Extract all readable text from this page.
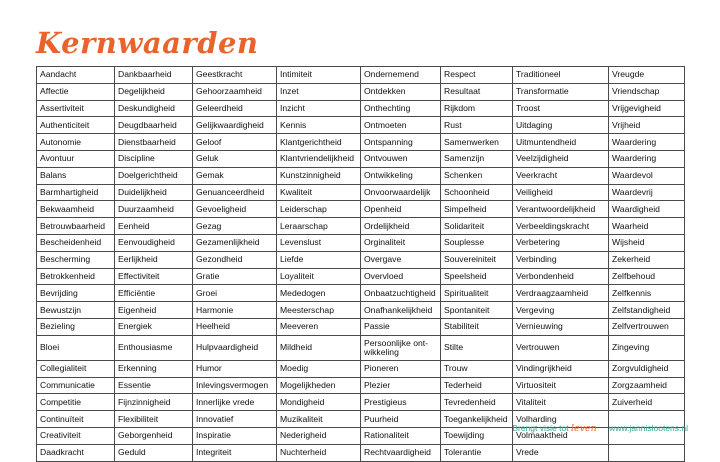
Kernwaarden
Aandacht	Dankbaarheid	Geestkracht	Intimiteit	Ondernemend	Respect	Traditioneel	Vreugde
Affectie	Degelijkheid	Gehoorzaamheid	Inzet	Ontdekken	Resultaat	Transformatie	Vriendschap
Assertiviteit	Deskundigheid	Geleerdheid	Inzicht	Onthechting	Rijkdom	Troost	Vrijgevigheid
Authenticiteit	Deugdbaarheid	Gelijkwaardigheid	Kennis	Ontmoeten	Rust	Uitdaging	Vrijheid
Autonomie	Dienstbaarheid	Geloof	Klantgerichtheid	Ontspanning	Samenwerken	Uitmuntendheid	Waardering
Avontuur	Discipline	Geluk	Klantvriendelijkheid	Ontvouwen	Samenzijn	Veelzijdigheid	Waardering
Balans	Doelgerichtheid	Gemak	Kunstzinnigheid	Ontwikkeling	Schenken	Veerkracht	Waardevol
Barmhartigheid	Duidelijkheid	Genuanceerdheid	Kwaliteit	Onvoorwaardelijk	Schoonheid	Veiligheid	Waardevrij
Bekwaamheid	Duurzaamheid	Gevoeligheid	Leiderschap	Openheid	Simpelheid	Verantwoordelijkheid	Waardigheid
Betrouwbaarheid	Eenheid	Gezag	Leraarschap	Ordelijkheid	Solidariteit	Verbeeldingskracht	Waarheid
Bescheidenheid	Eenvoudigheid	Gezamenlijkheid	Levenslust	Orginaliteit	Souplesse	Verbetering	Wijsheid
Bescherming	Eerlijkheid	Gezondheid	Liefde	Overgave	Souvereiniteit	Verbinding	Zekerheid
Betrokkenheid	Effectiviteit	Gratie	Loyaliteit	Overvloed	Speelsheid	Verbondenheid	Zelfbehoud
Bevrijding	Efficiëntie	Groei	Mededogen	Onbaatzuchtigheid	Spiritualiteit	Verdraagzaamheid	Zelfkennis
Bewustzijn	Eigenheid	Harmonie	Meesterschap	Onafhankelijkheid	Spontaniteit	Vergeving	Zelfstandigheid
Bezieling	Energiek	Heelheid	Meeveren	Passie	Stabiliteit	Vernieuwing	Zelfvertrouwen
Bloei	Enthousiasme	Hulpvaardigheid	Mildheid	Persoonlijke ont-wikkeling	Stilte	Vertrouwen	Zingeving
Collegialiteit	Erkenning	Humor	Moedig	Pioneren	Trouw	Vindingrijkheid	Zorgvuldigheid
Communicatie	Essentie	Inlevingsvermogen	Mogelijkheden	Plezier	Tederheid	Virtuositeit	Zorgzaamheid
Competitie	Fijnzinnigheid	Innerlijke vrede	Mondigheid	Prestigieus	Tevredenheid	Vitaliteit	Zuiverheid
Continuïteit	Flexibiliteit	Innovatief	Muzikaliteit	Puurheid	Toegankelijkheid	Volharding	
Creativiteit	Geborgenheid	Inspiratie	Nederigheid	Rationaliteit	Toewijding	Volmaaktheid	
Daadkracht	Geduld	Integriteit	Nuchterheid	Rechtvaardigheid	Tolerantie	Vrede	
Brengt visie tot leven www.jannislootens.nl
